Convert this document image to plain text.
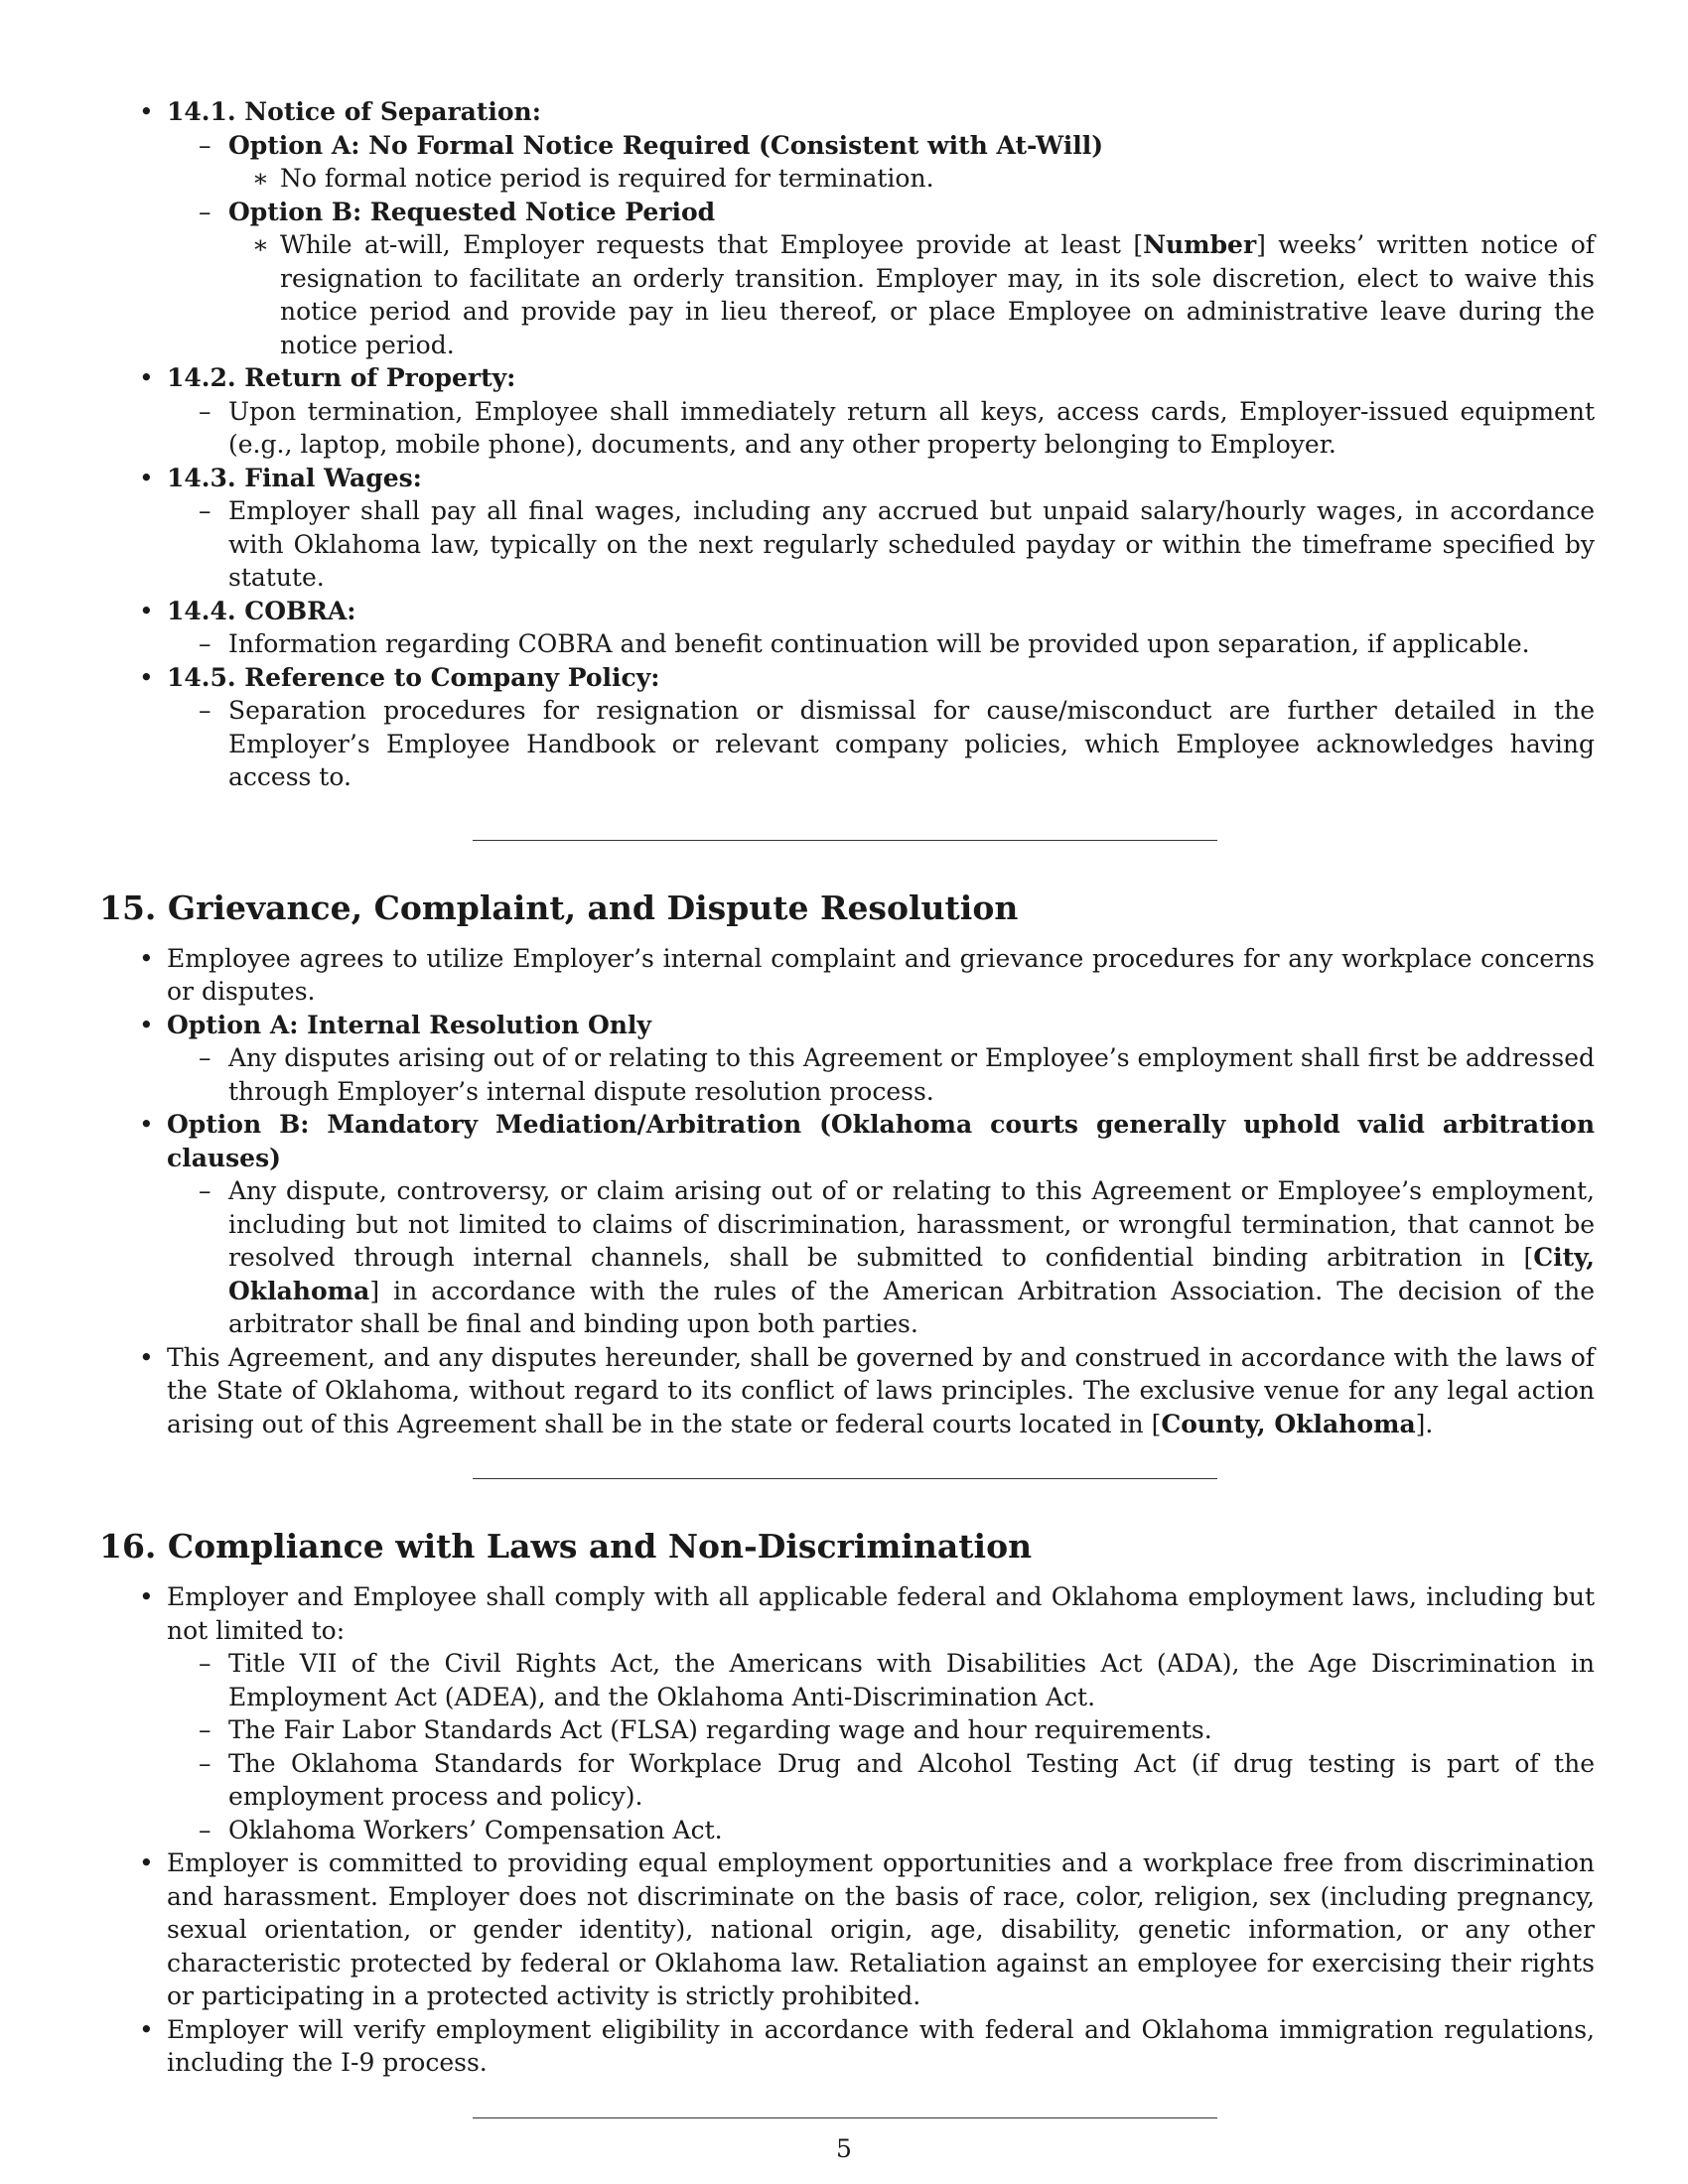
• 14.1. Notice of Separation:
– Option A: No Formal Notice Required (Consistent with At-Will)
∗ No formal notice period is required for termination.
– Option B: Requested Notice Period
∗ While at-will, Employer requests that Employee provide at least [Number] weeks’ written notice of resignation to facilitate an orderly transition. Employer may, in its sole discretion, elect to waive this notice period and provide pay in lieu thereof, or place Employee on administrative leave during the notice period.
• 14.2. Return of Property:
– Upon termination, Employee shall immediately return all keys, access cards, Employer-issued equipment (e.g., laptop, mobile phone), documents, and any other property belonging to Employer.
• 14.3. Final Wages:
– Employer shall pay all final wages, including any accrued but unpaid salary/hourly wages, in accordance with Oklahoma law, typically on the next regularly scheduled payday or within the timeframe specified by statute.
• 14.4. COBRA:
– Information regarding COBRA and benefit continuation will be provided upon separation, if applicable.
• 14.5. Reference to Company Policy:
– Separation procedures for resignation or dismissal for cause/misconduct are further detailed in the Employer’s Employee Handbook or relevant company policies, which Employee acknowledges having access to.
15. Grievance, Complaint, and Dispute Resolution
• Employee agrees to utilize Employer’s internal complaint and grievance procedures for any workplace concerns or disputes.
• Option A: Internal Resolution Only
– Any disputes arising out of or relating to this Agreement or Employee’s employment shall first be addressed through Employer’s internal dispute resolution process.
• Option B: Mandatory Mediation/Arbitration (Oklahoma courts generally uphold valid arbitration clauses)
– Any dispute, controversy, or claim arising out of or relating to this Agreement or Employee’s employment, including but not limited to claims of discrimination, harassment, or wrongful termination, that cannot be resolved through internal channels, shall be submitted to confidential binding arbitration in [City, Oklahoma] in accordance with the rules of the American Arbitration Association. The decision of the arbitrator shall be final and binding upon both parties.
• This Agreement, and any disputes hereunder, shall be governed by and construed in accordance with the laws of the State of Oklahoma, without regard to its conflict of laws principles. The exclusive venue for any legal action arising out of this Agreement shall be in the state or federal courts located in [County, Oklahoma].
16. Compliance with Laws and Non-Discrimination
• Employer and Employee shall comply with all applicable federal and Oklahoma employment laws, including but not limited to:
– Title VII of the Civil Rights Act, the Americans with Disabilities Act (ADA), the Age Discrimination in Employment Act (ADEA), and the Oklahoma Anti-Discrimination Act.
– The Fair Labor Standards Act (FLSA) regarding wage and hour requirements.
– The Oklahoma Standards for Workplace Drug and Alcohol Testing Act (if drug testing is part of the employment process and policy).
– Oklahoma Workers’ Compensation Act.
• Employer is committed to providing equal employment opportunities and a workplace free from discrimination and harassment. Employer does not discriminate on the basis of race, color, religion, sex (including pregnancy, sexual orientation, or gender identity), national origin, age, disability, genetic information, or any other characteristic protected by federal or Oklahoma law. Retaliation against an employee for exercising their rights or participating in a protected activity is strictly prohibited.
• Employer will verify employment eligibility in accordance with federal and Oklahoma immigration regulations, including the I-9 process.
5
